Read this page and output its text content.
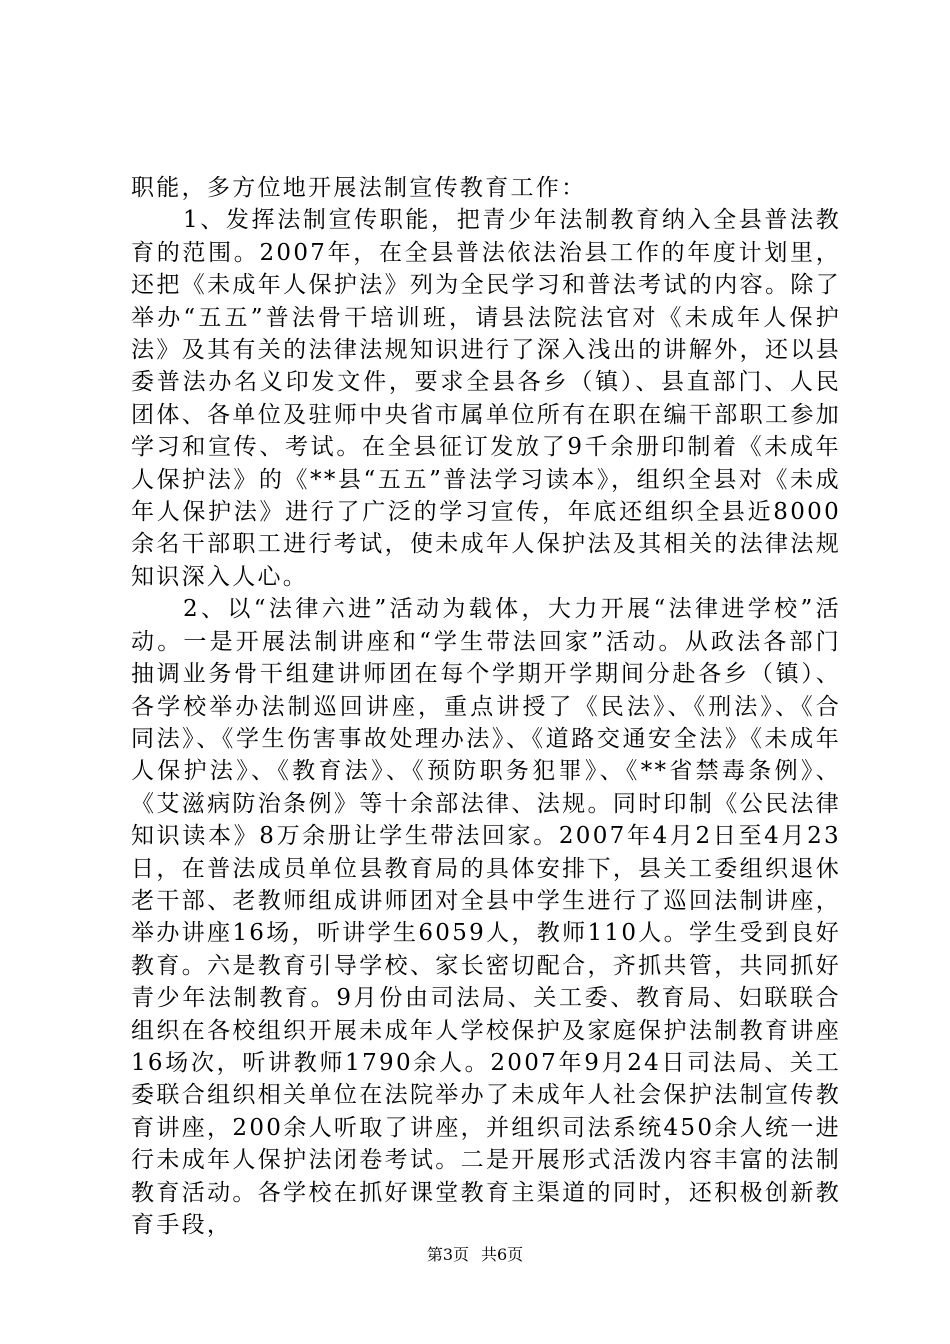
职能，多方位地开展法制宣传教育工作：

1、发挥法制宣传职能，把青少年法制教育纳入全县普法教育的范围。2007年，在全县普法依法治县工作的年度计划里，还把《未成年人保护法》列为全民学习和普法考试的内容。除了举办“五五”普法骨干培训班，请县法院法官对《未成年人保护法》及其有关的法律法规知识进行了深入浅出的讲解外，还以县委普法办名义印发文件，要求全县各乡（镇）、县直部门、人民团体、各单位及驻师中央省市属单位所有在职在编干部职工参加学习和宣传、考试。在全县征订发放了9千余册印制着《未成年人保护法》的《**县“五五”普法学习读本》，组织全县对《未成年人保护法》进行了广泛的学习宣传，年底还组织全县近8000余名干部职工进行考试，使未成年人保护法及其相关的法律法规知识深入人心。

2、以“法律六进”活动为载体，大力开展“法律进学校”活动。一是开展法制讲座和“学生带法回家”活动。从政法各部门抽调业务骨干组建讲师团在每个学期开学期间分赴各乡（镇）、各学校举办法制巡回讲座，重点讲授了《民法》、《刑法》、《合同法》、《学生伤害事故处理办法》、《道路交通安全法》《未成年人保护法》、《教育法》、《预防职务犯罪》、《**省禁毒条例》、《艾滋病防治条例》等十余部法律、法规。同时印制《公民法律知识读本》8万余册让学生带法回家。2007年4月2日至4月23日，在普法成员单位县教育局的具体安排下，县关工委组织退休老干部、老教师组成讲师团对全县中学生进行了巡回法制讲座，举办讲座16场，听讲学生6059人，教师110人。学生受到良好教育。六是教育引导学校、家长密切配合，齐抓共管，共同抓好青少年法制教育。9月份由司法局、关工委、教育局、妇联联合组织在各校组织开展未成年人学校保护及家庭保护法制教育讲座16场次，听讲教师1790余人。2007年9月24日司法局、关工委联合组织相关单位在法院举办了未成年人社会保护法制宣传教育讲座，200余人听取了讲座，并组织司法系统450余人统一进行未成年人保护法闭卷考试。二是开展形式活泼内容丰富的法制教育活动。各学校在抓好课堂教育主渠道的同时，还积极创新教育手段，

第3页 共6页
